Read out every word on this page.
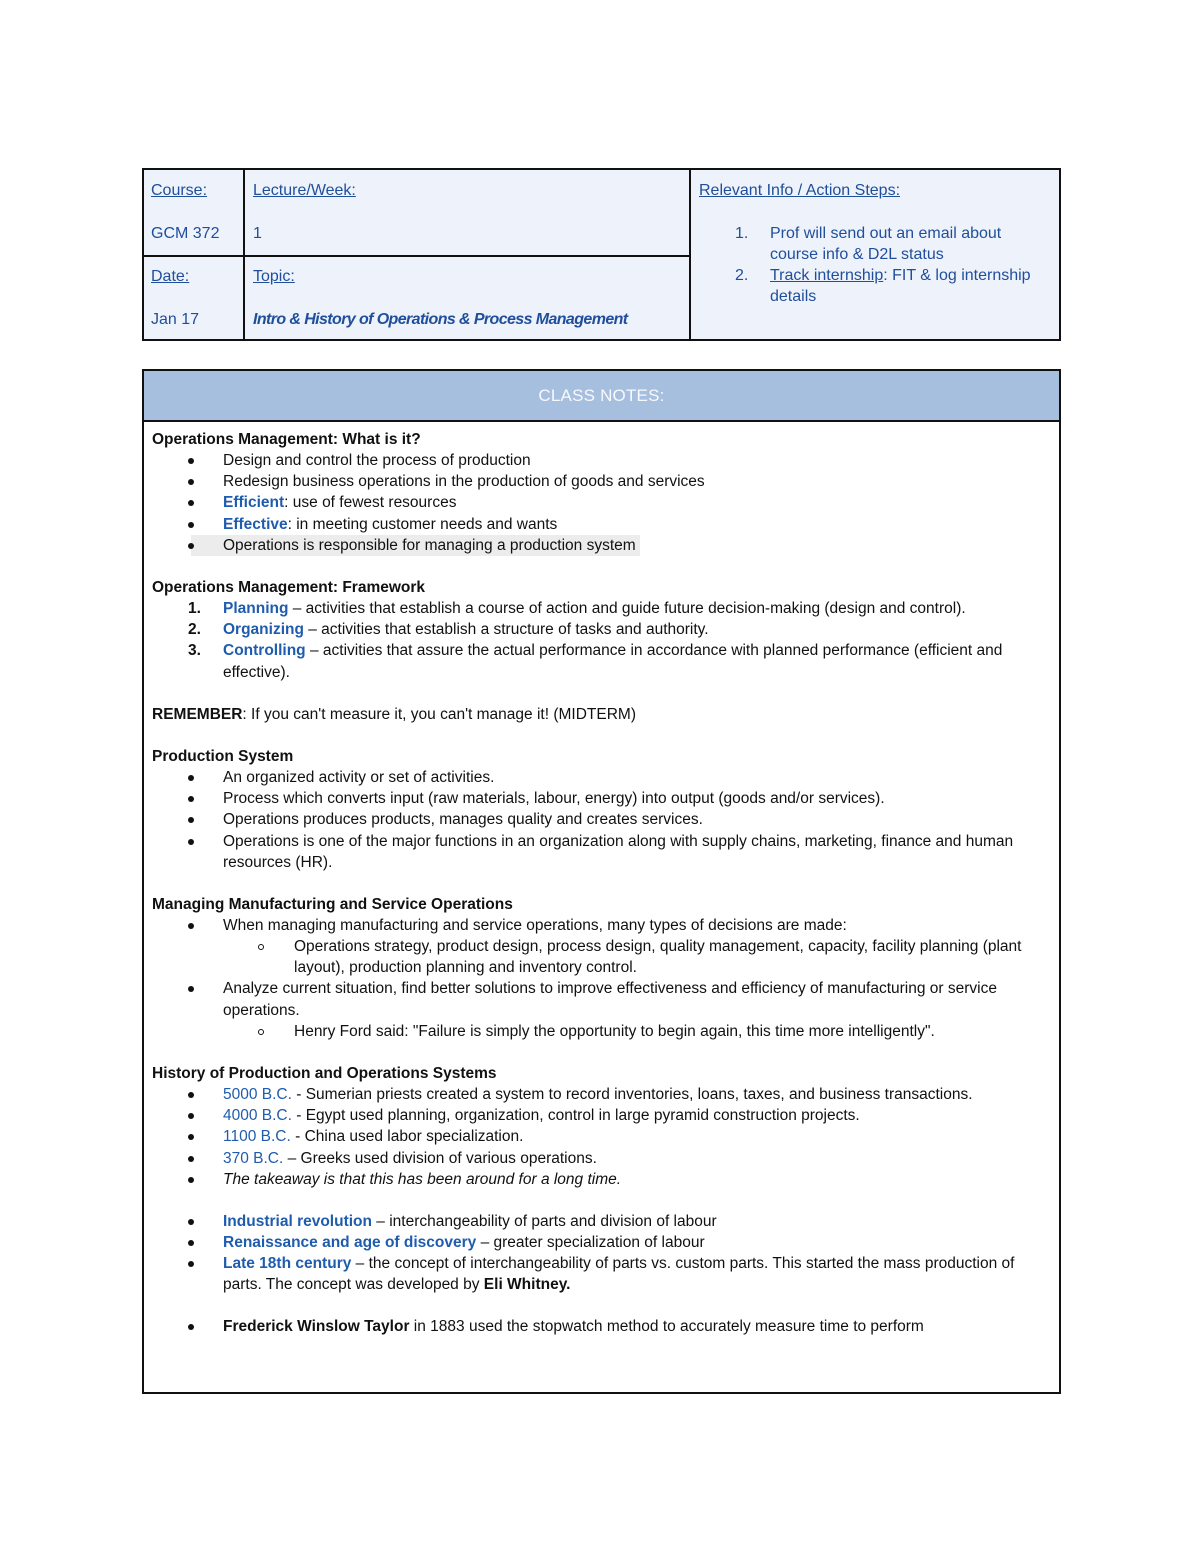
Course:
GCM 372
Lecture/Week:
1
Date:
Jan 17
Topic:
Intro & History of Operations & Process Management
Relevant Info / Action Steps:
1. Prof will send out an email about course info & D2L status
2. Track internship: FIT & log internship details
CLASS NOTES:
Operations Management: What is it?
Design and control the process of production
Redesign business operations in the production of goods and services
Efficient: use of fewest resources
Effective: in meeting customer needs and wants
Operations is responsible for managing a production system
Operations Management: Framework
1. Planning – activities that establish a course of action and guide future decision-making (design and control).
2. Organizing – activities that establish a structure of tasks and authority.
3. Controlling – activities that assure the actual performance in accordance with planned performance (efficient and effective).
REMEMBER: If you can't measure it, you can't manage it! (MIDTERM)
Production System
An organized activity or set of activities.
Process which converts input (raw materials, labour, energy) into output (goods and/or services).
Operations produces products, manages quality and creates services.
Operations is one of the major functions in an organization along with supply chains, marketing, finance and human resources (HR).
Managing Manufacturing and Service Operations
When managing manufacturing and service operations, many types of decisions are made:
Operations strategy, product design, process design, quality management, capacity, facility planning (plant layout), production planning and inventory control.
Analyze current situation, find better solutions to improve effectiveness and efficiency of manufacturing or service operations.
Henry Ford said: "Failure is simply the opportunity to begin again, this time more intelligently".
History of Production and Operations Systems
5000 B.C. - Sumerian priests created a system to record inventories, loans, taxes, and business transactions.
4000 B.C. - Egypt used planning, organization, control in large pyramid construction projects.
1100 B.C. - China used labor specialization.
370 B.C. – Greeks used division of various operations.
The takeaway is that this has been around for a long time.
Industrial revolution – interchangeability of parts and division of labour
Renaissance and age of discovery – greater specialization of labour
Late 18th century – the concept of interchangeability of parts vs. custom parts. This started the mass production of parts. The concept was developed by Eli Whitney.
Frederick Winslow Taylor in 1883 used the stopwatch method to accurately measure time to perform
